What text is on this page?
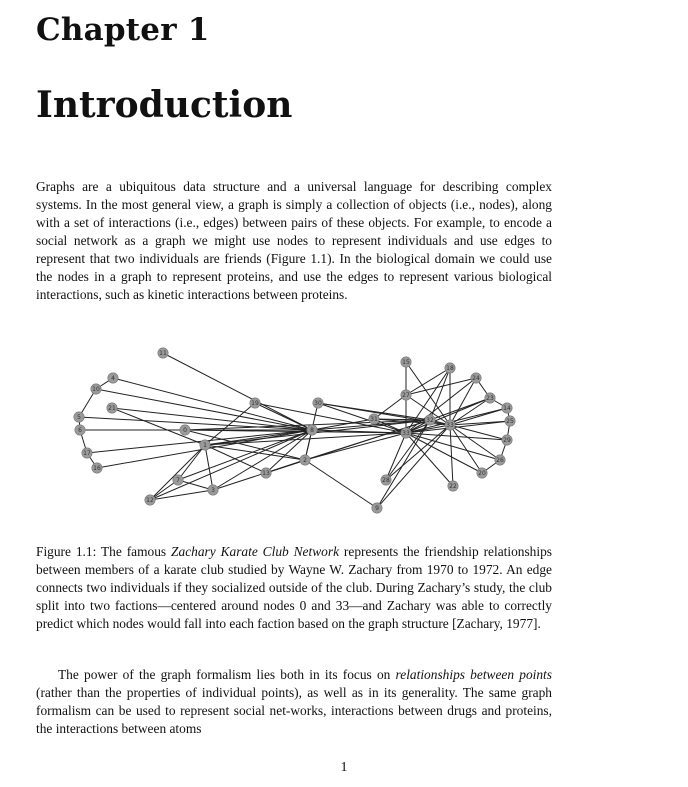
Chapter 1
Introduction
Graphs are a ubiquitous data structure and a universal language for describing complex systems. In the most general view, a graph is simply a collection of objects (i.e., nodes), along with a set of interactions (i.e., edges) between pairs of these objects. For example, to encode a social network as a graph we might use nodes to represent individuals and use edges to represent that two individuals are friends (Figure 1.1). In the biological domain we could use the nodes in a graph to represent proteins, and use the edges to represent various biological interactions, such as kinetic interactions between proteins.
11
4
10
21
19	30
31
0	8
1
2
3
7
12
13
15
18
24
23
27
14
25
29
26
20
28
22
5
6
17
16
32
33
33
9
Figure 1.1: The famous Zachary Karate Club Network represents the friendship relationships between members of a karate club studied by Wayne W. Zachary from 1970 to 1972. An edge connects two individuals if they socialized outside of the club. During Zachary’s study, the club split into two factions—centered around nodes 0 and 33—and Zachary was able to correctly predict which nodes would fall into each faction based on the graph structure [Zachary, 1977].
The power of the graph formalism lies both in its focus on relationships between points (rather than the properties of individual points), as well as in its generality. The same graph formalism can be used to represent social net-works, interactions between drugs and proteins, the interactions between atoms
1
